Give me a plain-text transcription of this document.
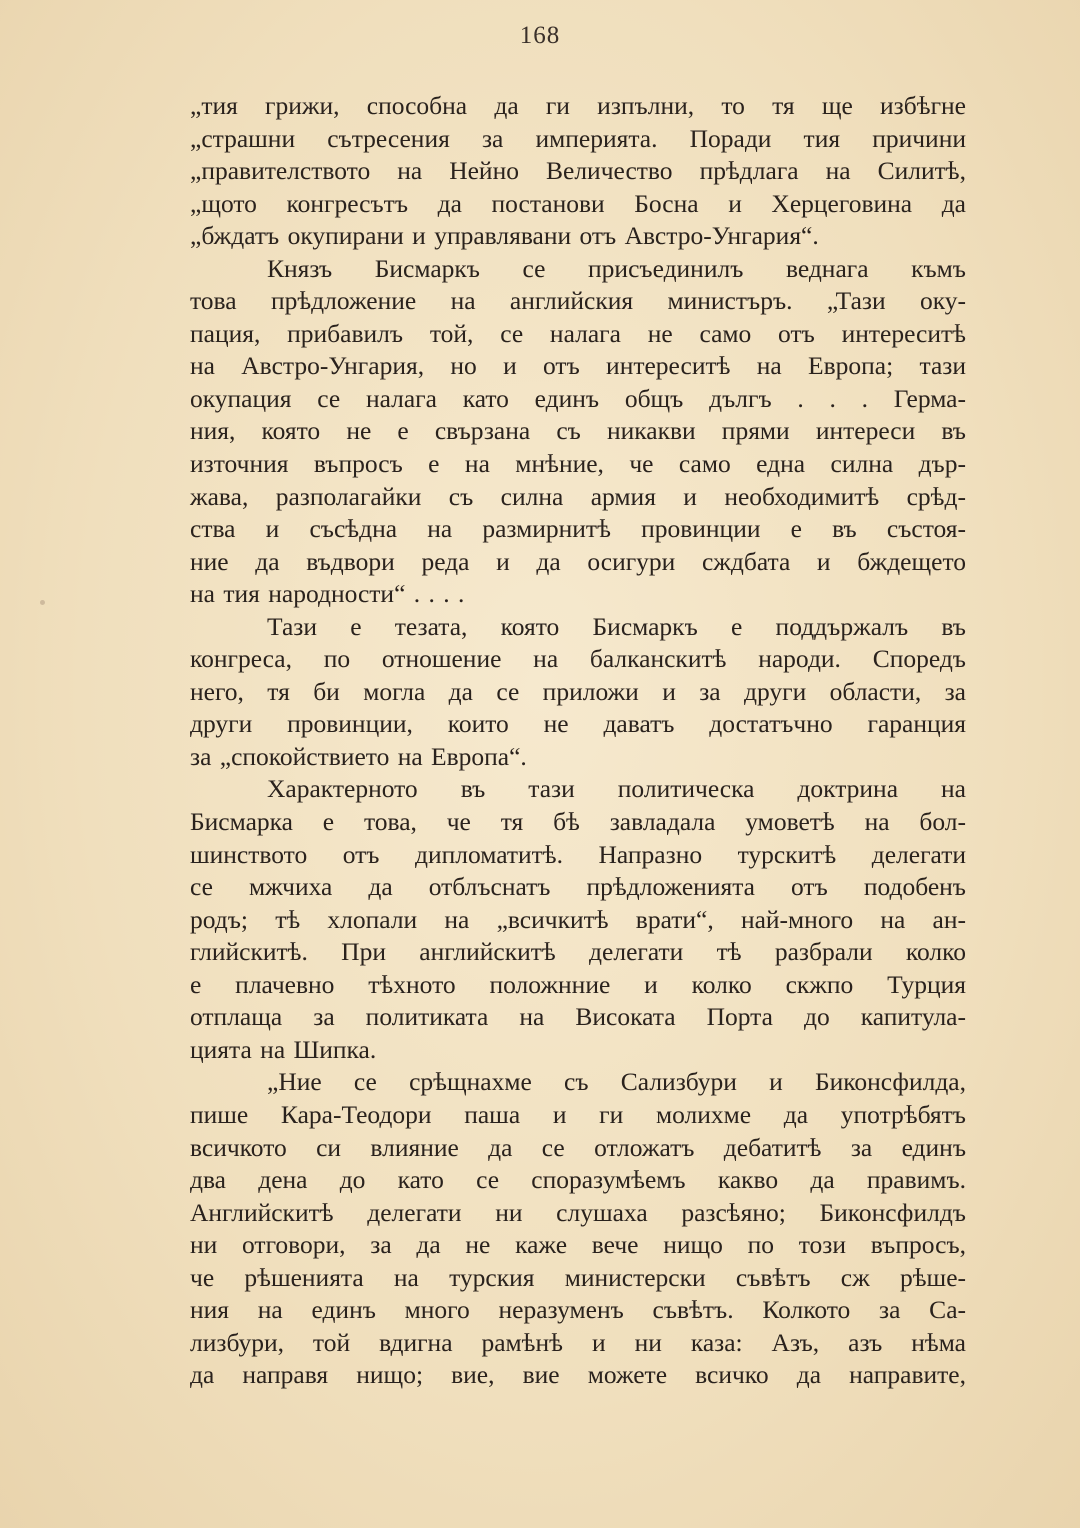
168
„тия грижи, способна да ги изпълни, то тя ще избѣгне
„страшни сътресения за империята. Поради тия причини
„правителството на Нейно Величество прѣдлага на Силитѣ,
„щото конгресътъ да постанови Босна и Херцеговина да
„бждатъ окупирани и управлявани отъ Австро-Унгария“.
Князъ Бисмаркъ се присъединилъ веднага къмъ
това прѣдложение на английския министъръ. „Тази оку-
пация, прибавилъ той, се налага не само отъ интереситѣ
на Австро-Унгария, но и отъ интереситѣ на Европа; тази
окупация се налага като единъ общъ дългъ . . . Герма-
ния, която не е свързана съ никакви прями интереси въ
източния въпросъ е на мнѣние, че само една силна дър-
жава, разполагайки съ силна армия и необходимитѣ срѣд-
ства и съсѣдна на размирнитѣ провинции е въ състоя-
ние да въдвори реда и да осигури сждбата и бждещето
на тия народности“ . . . .
Тази е тезата, която Бисмаркъ е поддържалъ въ
конгреса, по отношение на балканскитѣ народи. Споредъ
него, тя би могла да се приложи и за други области, за
други провинции, които не даватъ достатъчно гаранция
за „спокойствието на Европа“.
Характерното въ тази политическа доктрина на
Бисмарка е това, че тя бѣ завладала умоветѣ на бол-
шинството отъ дипломатитѣ. Напразно турскитѣ делегати
се мжчиха да отблъснатъ прѣдложенията отъ подобенъ
родъ; тѣ хлопали на „всичкитѣ врати“, най-много на ан-
глийскитѣ. При английскитѣ делегати тѣ разбрали колко
е плачевно тѣхното положнние и колко скжпо Турция
отплаща за политиката на Високата Порта до капитула-
цията на Шипка.
„Ние се срѣщнахме съ Сализбури и Биконсфилда,
пише Кара-Теодори паша и ги молихме да употрѣбятъ
всичкото си влияние да се отложатъ дебатитѣ за единъ
два дена до като се споразумѣемъ какво да правимъ.
Английскитѣ делегати ни слушаха разсѣяно; Биконсфилдъ
ни отговори, за да не каже вече нищо по този въпросъ,
че рѣшенията на турския министерски съвѣтъ сж рѣше-
ния на единъ много неразуменъ съвѣтъ. Колкото за Са-
лизбури, той вдигна рамѣнѣ и ни каза: Азъ, азъ нѣма
да направя нищо; вие, вие можете всичко да направите,
